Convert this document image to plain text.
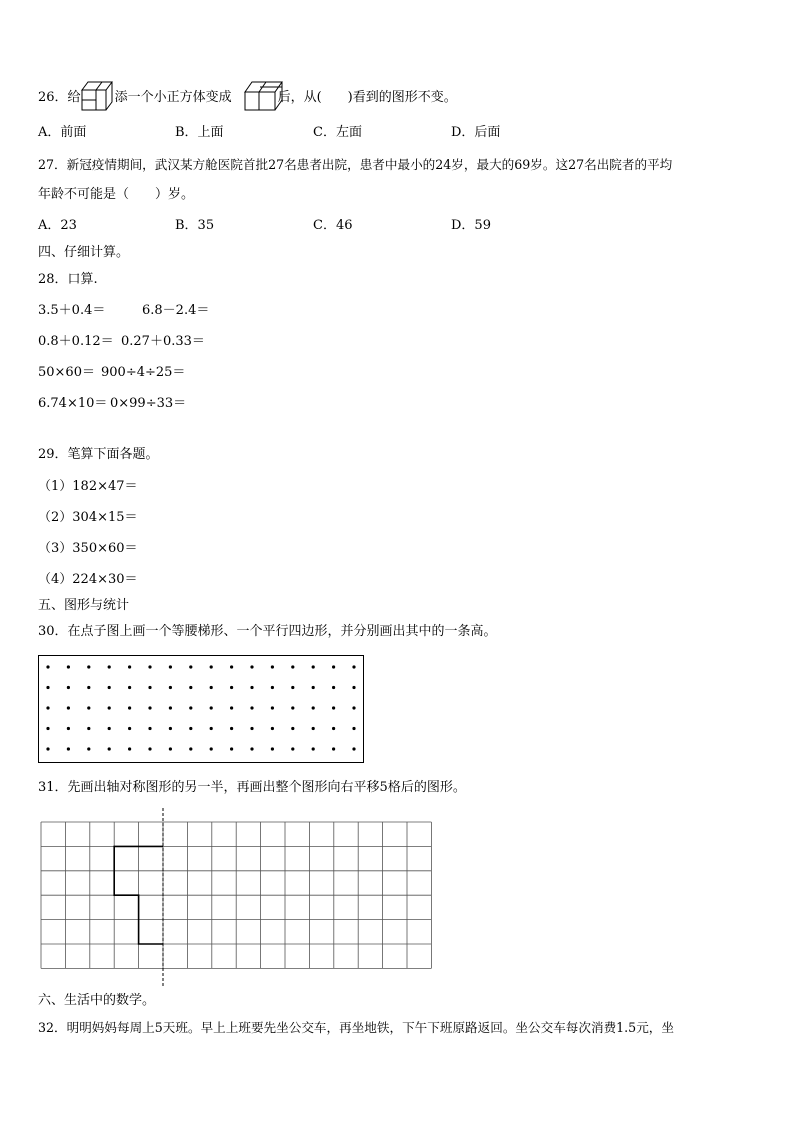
26．给	添一个小正方体变成	后，从(　　)看到的图形不变。
A．前面	B．上面	C．左面	D．后面
27．新冠疫情期间，武汉某方舱医院首批27名患者出院，患者中最小的24岁，最大的69岁。这27名出院者的平均
年龄不可能是（　　）岁。
A．23	B．35	C．46	D．59
四、仔细计算。
28．口算.
3.5＋0.4＝	6.8－2.4＝
0.8＋0.12＝ 0.27＋0.33＝
50×60＝ 900÷4÷25＝
6.74×10＝ 0×99÷33＝
29．笔算下面各题。
（1）182×47＝
（2）304×15＝
（3）350×60＝
（4）224×30＝
五、图形与统计
30．在点子图上画一个等腰梯形、一个平行四边形，并分别画出其中的一条高。
31．先画出轴对称图形的另一半，再画出整个图形向右平移5格后的图形。
六、生活中的数学。
32．明明妈妈每周上5天班。早上上班要先坐公交车，再坐地铁，下午下班原路返回。坐公交车每次消费1.5元，坐
